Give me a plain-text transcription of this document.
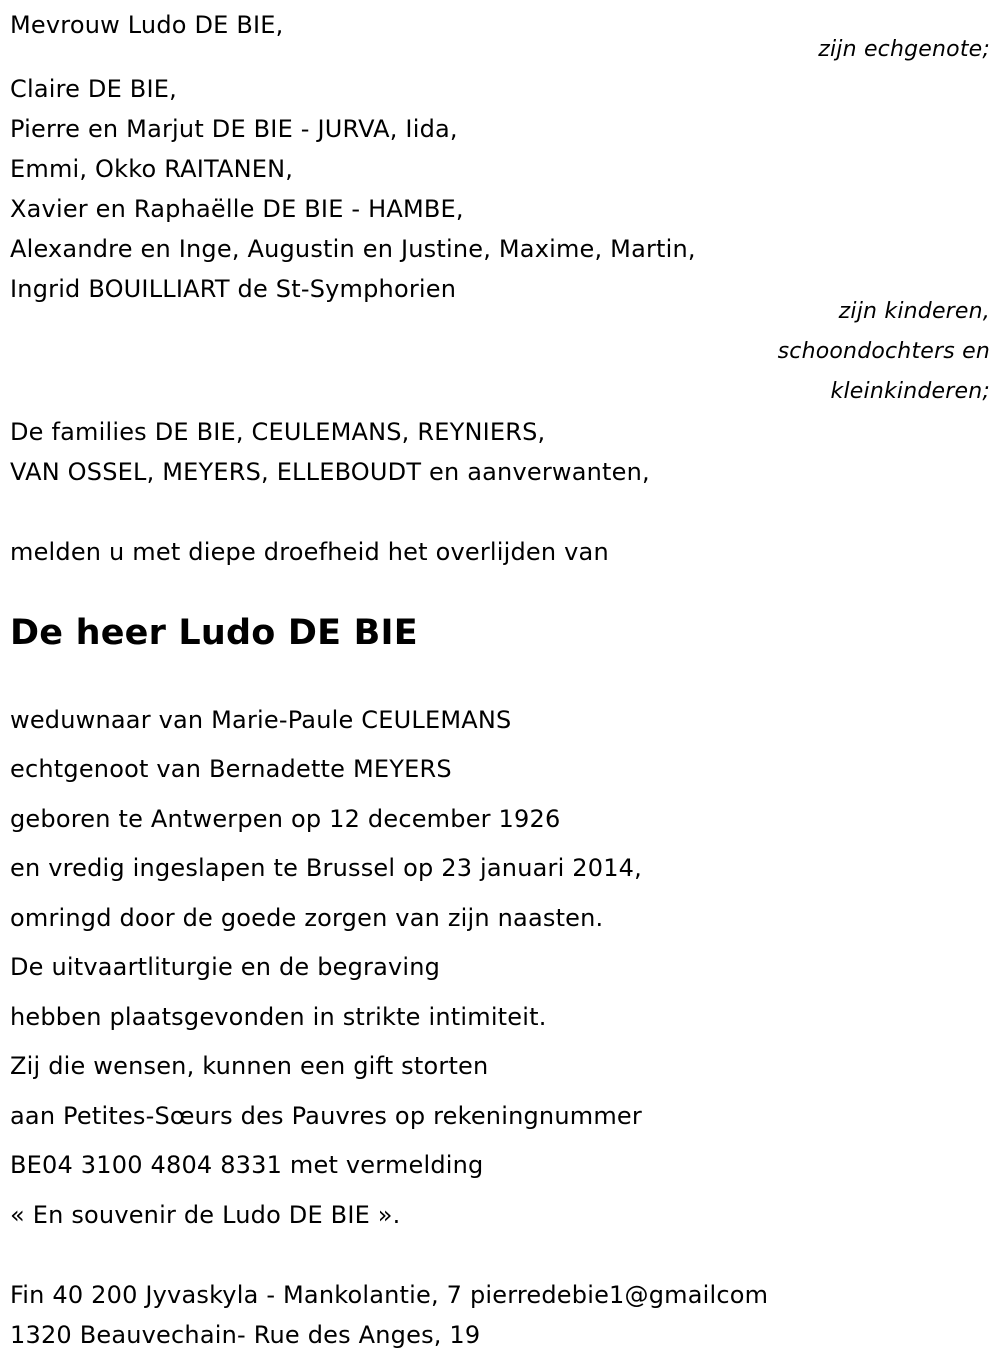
Mevrouw Ludo DE BIE,
zijn echgenote;
Claire DE BIE,
Pierre en Marjut DE BIE - JURVA, Iida,
Emmi, Okko RAITANEN,
Xavier en Raphaëlle DE BIE - HAMBE,
Alexandre en Inge, Augustin en Justine, Maxime, Martin,
Ingrid BOUILLIART de St-Symphorien
zijn kinderen,
schoondochters en
kleinkinderen;
De families DE BIE, CEULEMANS, REYNIERS,
VAN OSSEL, MEYERS, ELLEBOUDT en aanverwanten,
melden u met diepe droefheid het overlijden van
De heer Ludo DE BIE
weduwnaar van Marie-Paule CEULEMANS
echtgenoot van Bernadette MEYERS
geboren te Antwerpen op 12 december 1926
en vredig ingeslapen te Brussel op 23 januari 2014,
omringd door de goede zorgen van zijn naasten.
De uitvaartliturgie en de begraving
hebben plaatsgevonden in strikte intimiteit.
Zij die wensen, kunnen een gift storten
aan Petites-Sœurs des Pauvres op rekeningnummer
BE04 3100 4804 8331 met vermelding
« En souvenir de Ludo DE BIE ».
Fin 40 200 Jyvaskyla - Mankolantie, 7 pierredebie1@gmailcom
1320 Beauvechain- Rue des Anges, 19
